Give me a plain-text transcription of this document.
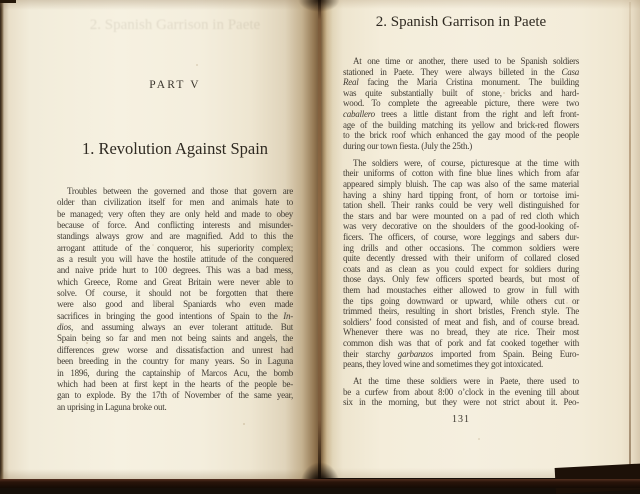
2. Spanish Garrison in Paete
PART V
1. Revolution Against Spain
Troubles between the governed and those that govern are
older than civilization itself for men and animals hate to
be managed; very often they are only held and made to obey
because of force. And conflicting interests and misunder-
standings always grow and are magnified. Add to this the
arrogant attitude of the conqueror, his superiority complex;
as a result you will have the hostile attitude of the conquered
and naive pride hurt to 100 degrees. This was a bad mess,
which Greece, Rome and Great Britain were never able to
solve. Of course, it should not be forgotten that there
were also good and liberal Spaniards who even made
sacrifices in bringing the good intentions of Spain to the In-
dios, and assuming always an ever tolerant attitude. But
Spain being so far and men not being saints and angels, the
differences grew worse and dissatisfaction and unrest had
been breeding in the country for many years. So in Laguna
in 1896, during the captainship of Marcos Acu, the bomb
which had been at first kept in the hearts of the people be-
gan to explode. By the 17th of November of the same year,
an uprising in Laguna broke out.
2. Spanish Garrison in Paete
At one time or another, there used to be Spanish soldiers
stationed in Paete. They were always billeted in the Casa
Real facing the Maria Cristina monument. The building
was quite substantially built of stone, bricks and hard-
wood. To complete the agreeable picture, there were two
caballero trees a little distant from the right and left front-
age of the building matching its yellow and brick-red flowers
to the brick roof which enhanced the gay mood of the people
during our town fiesta. (July the 25th.)
The soldiers were, of course, picturesque at the time with
their uniforms of cotton with fine blue lines which from afar
appeared simply bluish. The cap was also of the same material
having a shiny hard tipping front, of horn or tortoise imi-
tation shell. Their ranks could be very well distinguished for
the stars and bar were mounted on a pad of red cloth which
was very decorative on the shoulders of the good-looking of-
ficers. The officers, of course, wore leggings and sabers dur-
ing drills and other occasions. The common soldiers were
quite decently dressed with their uniform of collared closed
coats and as clean as you could expect for soldiers during
those days. Only few officers sported beards, but most of
them had moustaches either allowed to grow in full with
the tips going downward or upward, while others cut or
trimmed theirs, resulting in short bristles, French style. The
soldiers’ food consisted of meat and fish, and of course bread.
Whenever there was no bread, they ate rice. Their most
common dish was that of pork and fat cooked together with
their starchy garbanzos imported from Spain. Being Euro-
peans, they loved wine and sometimes they got intoxicated.
At the time these soldiers were in Paete, there used to
be a curfew from about 8:00 o’clock in the evening till about
six in the morning, but they were not strict about it. Peo-
131
